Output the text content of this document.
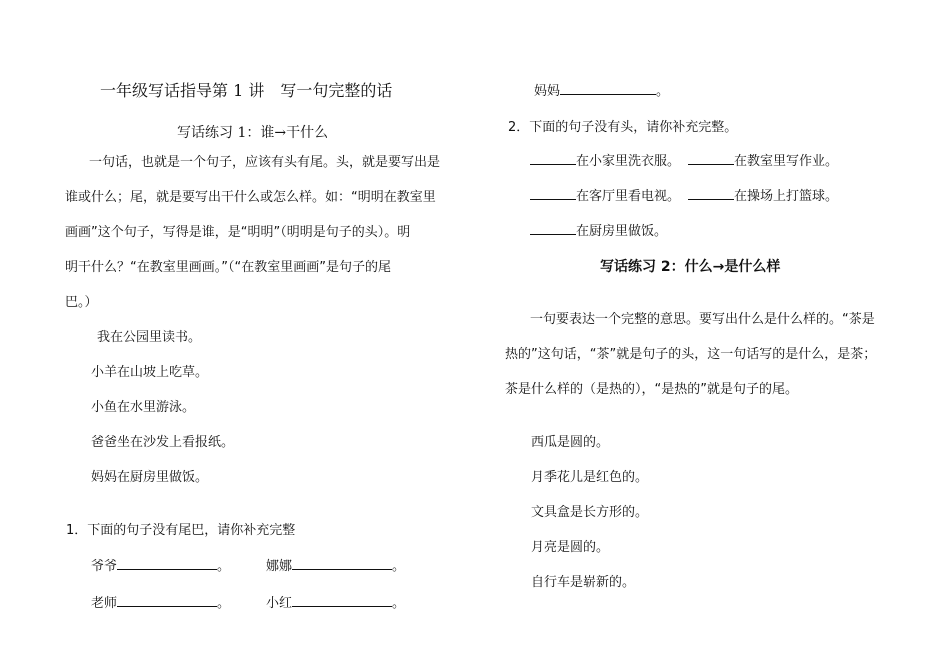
一年级写话指导第 1 讲　写一句完整的话
写话练习 1：谁→干什么
一句话，也就是一个句子，应该有头有尾。头，就是要写出是
谁或什么；尾，就是要写出干什么或怎么样。如：“明明在教室里
画画”这个句子，写得是谁，是“明明”（明明是句子的头）。明
明干什么？“在教室里画画。”（“在教室里画画”是句子的尾
巴。）
我在公园里读书。
小羊在山坡上吃草。
小鱼在水里游泳。
爸爸坐在沙发上看报纸。
妈妈在厨房里做饭。
1．下面的句子没有尾巴，请你补充完整
爷爷	。	娜娜	。
老师	。	小红	。
妈妈	。
2．下面的句子没有头，请你补充完整。
在小家里洗衣服。	在教室里写作业。
在客厅里看电视。	在操场上打篮球。
在厨房里做饭。
写话练习 2：什么→是什么样
一句要表达一个完整的意思。要写出什么是什么样的。“茶是
热的”这句话，“茶”就是句子的头，这一句话写的是什么，是茶；
茶是什么样的（是热的），“是热的”就是句子的尾。
西瓜是圆的。
月季花儿是红色的。
文具盒是长方形的。
月亮是圆的。
自行车是崭新的。
